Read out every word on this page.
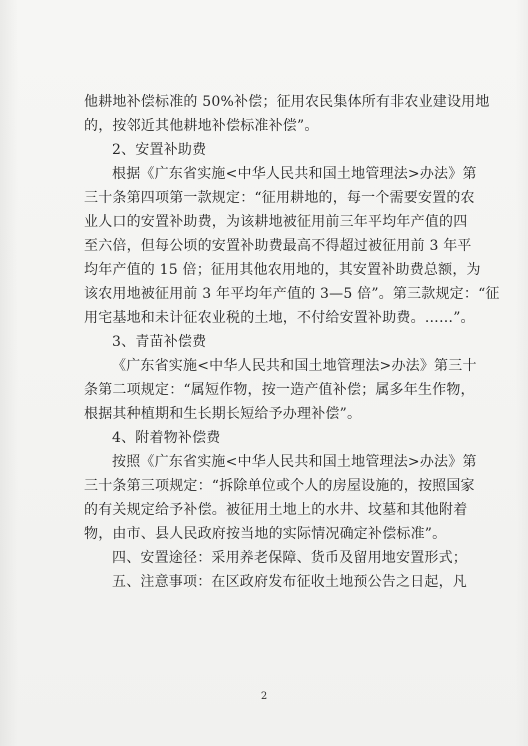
他耕地补偿标准的 50%补偿；征用农民集体所有非农业建设用地
的，按邻近其他耕地补偿标准补偿”。
2、安置补助费
根据《广东省实施<中华人民共和国土地管理法>办法》第
三十条第四项第一款规定：“征用耕地的，每一个需要安置的农
业人口的安置补助费，为该耕地被征用前三年平均年产值的四
至六倍，但每公顷的安置补助费最高不得超过被征用前 3 年平
均年产值的 15 倍；征用其他农用地的，其安置补助费总额，为
该农用地被征用前 3 年平均年产值的 3—5 倍”。第三款规定：“征
用宅基地和未计征农业税的土地，不付给安置补助费。……”。
3、青苗补偿费
《广东省实施<中华人民共和国土地管理法>办法》第三十
条第二项规定：“属短作物，按一造产值补偿；属多年生作物，
根据其种植期和生长期长短给予办理补偿”。
4、附着物补偿费
按照《广东省实施<中华人民共和国土地管理法>办法》第
三十条第三项规定：“拆除单位或个人的房屋设施的，按照国家
的有关规定给予补偿。被征用土地上的水井、坟墓和其他附着
物，由市、县人民政府按当地的实际情况确定补偿标准”。
四、安置途径：采用养老保障、货币及留用地安置形式；
五、注意事项：在区政府发布征收土地预公告之日起，凡
2
